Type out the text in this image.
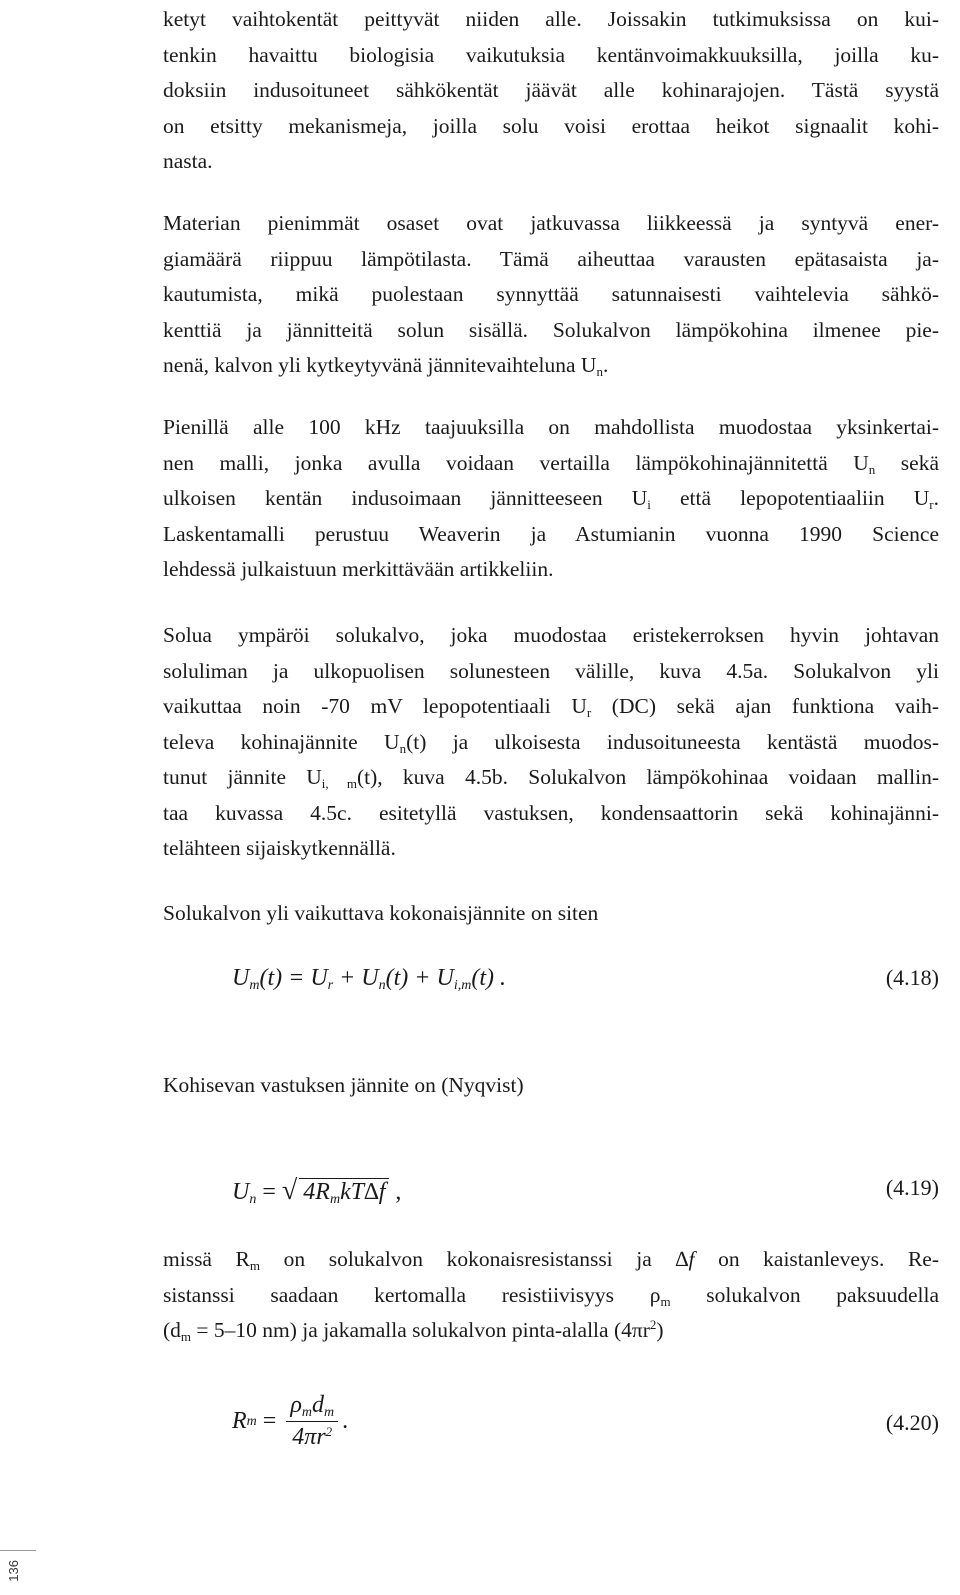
ketyt vaihtokentät peittyvät niiden alle. Joissakin tutkimuksissa on kui-
tenkin havaittu biologisia vaikutuksia kentänvoimakkuuksilla, joilla ku-
doksiin indusoituneet sähkökentät jäävät alle kohinarajojen. Tästä syystä
on etsitty mekanismeja, joilla solu voisi erottaa heikot signaalit kohi-
nasta.
Materian pienimmät osaset ovat jatkuvassa liikkeessä ja syntyvä ener-
giamäärä riippuu lämpötilasta. Tämä aiheuttaa varausten epätasaista ja-
kautumista, mikä puolestaan synnyttää satunnaisesti vaihtelevia sähkö-
kenttiä ja jännitteitä solun sisällä. Solukalvon lämpökohina ilmenee pie-
nenä, kalvon yli kytkeytyvänä jännitevaihteluna $U_n$.
Pienillä alle 100 kHz taajuuksilla on mahdollista muodostaa yksinkertai-
nen malli, jonka avulla voidaan vertailla lämpökohinajännitettä $U_n$ sekä
ulkoisen kentän indusoimaan jännitteeseen $U_i$ että lepopotentiaaliin $U_r$.
Laskentamalli perustuu Weaverin ja Astumianin vuonna 1990 Science
lehdessä julkaistuun merkittävään artikkeliin.
Solua ympäröi solukalvo, joka muodostaa eristekerroksen hyvin johtavan
soluliman ja ulkopuolisen solunesteen välille, kuva 4.5a. Solukalvon yli
vaikuttaa noin -70 mV lepopotentiaali $U_r$ (DC) sekä ajan funktiona vaih-
televa kohinajännite $U_n(t)$ ja ulkoisesta indusoituneesta kentästä muodos-
tunut jännite $U_{i, m}(t)$, kuva 4.5b. Solukalvon lämpökohinaa voidaan mallin-
taa kuvassa 4.5c. esitetyllä vastuksen, kondensaattorin sekä kohinajänni-
telähteen sijaiskytkennällä.
Solukalvon yli vaikuttava kokonaisjännite on siten
$U_m(t) = U_r + U_n(t) + U_{i,m}(t)$ .	(4.18)
Kohisevan vastuksen jännite on (Nyqvist)
$U_n$ = √ $4R_mkT\Delta f$ ,	(4.19)
missä $R_m$ on solukalvon kokonaisresistanssi ja ∆f on kaistanleveys. Re-
sistanssi saadaan kertomalla resistiivisyys $\rho_m$ solukalvon paksuudella
($d_m = 5-10$ nm) ja jakamalla solukalvon pinta-alalla $(4\pi r^2)$
R $m = \frac{\rho_md_m}{4\pi r^2}$ .	(4.20)
136
